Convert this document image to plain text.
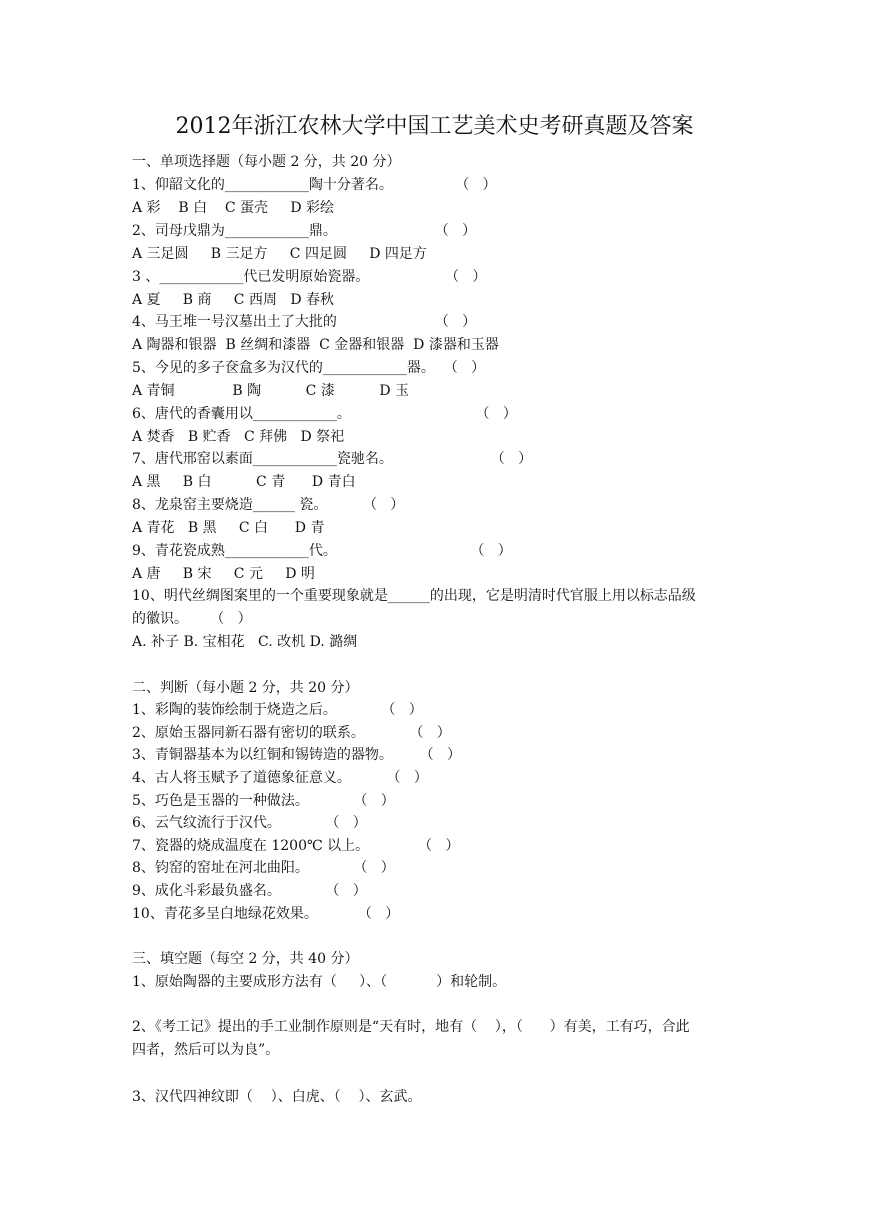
2012年浙江农林大学中国工艺美术史考研真题及答案
一、单项选择题（每小题 2 分，共 20 分）
1、仰韶文化的____________陶十分著名。              （   ）
A 彩    B 白    C 蛋壳     D 彩绘
2、司母戊鼎为____________鼎。                      （   ）
A 三足圆     B 三足方     C 四足圆     D 四足方
3 、____________代已发明原始瓷器。                 （   ）
A 夏     B 商     C 西周   D 春秋
4、马王堆一号汉墓出土了大批的                      （   ）
A 陶器和银器  B 丝绸和漆器  C 金器和银器  D 漆器和玉器
5、今见的多子奁盒多为汉代的____________器。  （   ）
A 青铜             B 陶          C 漆          D 玉
6、唐代的香囊用以____________。                            （   ）
A 焚香   B 贮香   C 拜佛   D 祭祀
7、唐代邢窑以素面____________瓷驰名。                      （   ）
A 黑     B 白          C 青      D 青白
8、龙泉窑主要烧造______ 瓷。        （   ）
A 青花   B 黑     C 白      D 青
9、青花瓷成熟____________代。                              （   ）
A 唐     B 宋     C 元     D 明
10、明代丝绸图案里的一个重要现象就是______的出现，它是明清时代官服上用以标志品级
的徽识。     （   ）
A. 补子 B. 宝相花   C. 改机 D. 潞绸
二、判断（每小题 2 分，共 20 分）
1、彩陶的装饰绘制于烧造之后。          （   ）
2、原始玉器同新石器有密切的联系。          （   ）
3、青铜器基本为以红铜和锡铸造的器物。      （   ）
4、古人将玉赋予了道德象征意义。        （   ）
5、巧色是玉器的一种做法。          （   ）
6、云气纹流行于汉代。          （   ）
7、瓷器的烧成温度在 1200℃ 以上。           （   ）
8、钧窑的窑址在河北曲阳。          （   ）
9、成化斗彩最负盛名。          （   ）
10、青花多呈白地绿花效果。         （   ）
三、填空题（每空 2 分，共 40 分）
1、原始陶器的主要成形方法有（     ）、（           ）和轮制。
2、《考工记》提出的手工业制作原则是“天有时，地有（    ），（      ）有美，工有巧，合此
四者，然后可以为良”。
3、汉代四神纹即（    ）、白虎、（    ）、玄武。
